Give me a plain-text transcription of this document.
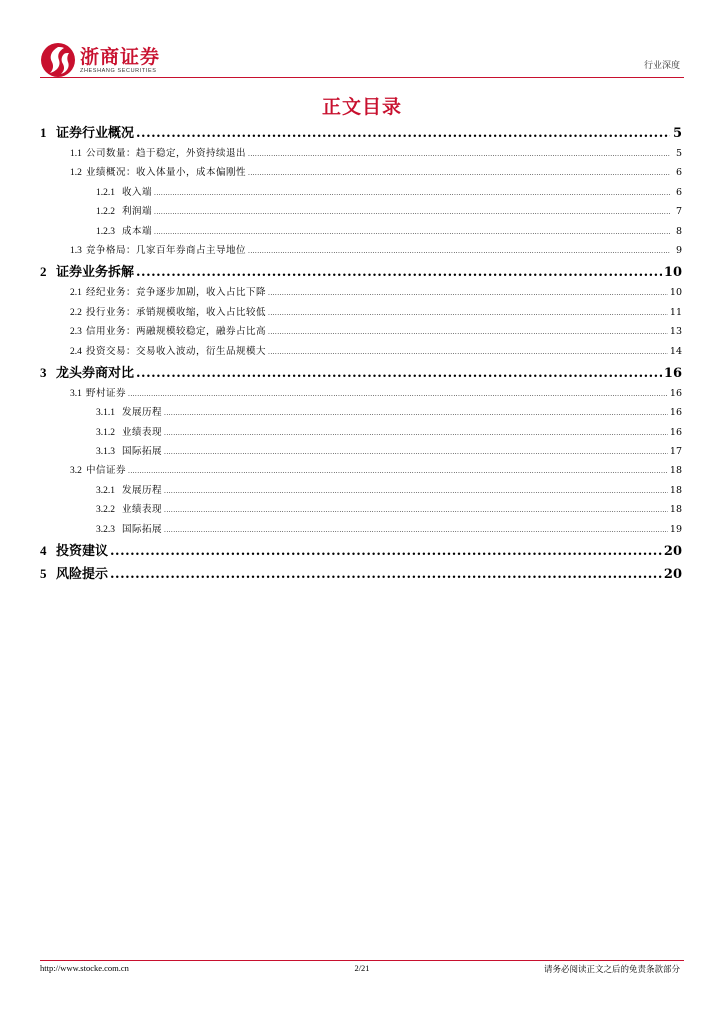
浙商证券
ZHESHANG SECURITIES	行业深度
正文目录
1 证券行业概况 .....	5
1.1 公司数量：趋于稳定，外资持续退出 .....	5
1.2 业绩概况：收入体量小，成本偏刚性 .....	6
1.2.1 收入端 .....	6
1.2.2 利润端 .....	7
1.2.3 成本端 .....	8
1.3 竞争格局：几家百年券商占主导地位 .....	9
2 证券业务拆解 .....	10
2.1 经纪业务：竞争逐步加剧，收入占比下降 .....	10
2.2 投行业务：承销规模收缩，收入占比较低 .....	11
2.3 信用业务：两融规模较稳定，融券占比高 .....	13
2.4 投资交易：交易收入波动，衍生品规模大 .....	14
3 龙头券商对比 .....	16
3.1 野村证券 .....	16
3.1.1 发展历程 .....	16
3.1.2 业绩表现 .....	16
3.1.3 国际拓展 .....	17
3.2 中信证券 .....	18
3.2.1 发展历程 .....	18
3.2.2 业绩表现 .....	18
3.2.3 国际拓展 .....	19
4 投资建议 .....	20
5 风险提示 .....	20
http://www.stocke.com.cn	2/21	请务必阅读正文之后的免责条款部分
